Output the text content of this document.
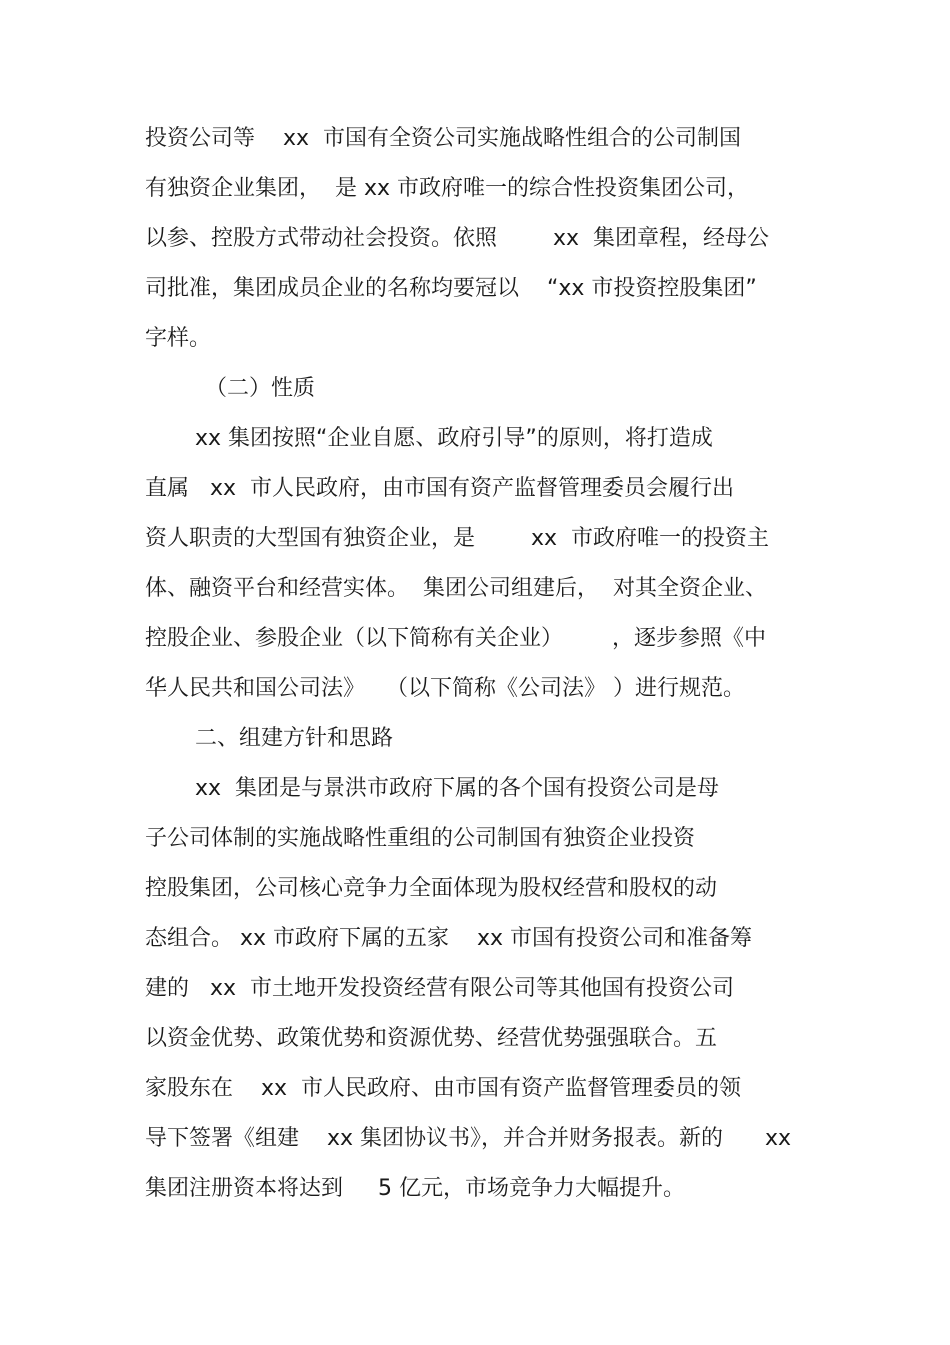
投资公司等    xx  市国有全资公司实施战略性组合的公司制国

有独资企业集团，  是 xx 市政府唯一的综合性投资集团公司，

以参、控股方式带动社会投资。依照        xx  集团章程，经母公

司批准，集团成员企业的名称均要冠以    “xx 市投资控股集团”

字样。

（二）性质

xx 集团按照“企业自愿、政府引导”的原则，将打造成

直属   xx  市人民政府，由市国有资产监督管理委员会履行出

资人职责的大型国有独资企业，是        xx  市政府唯一的投资主

体、融资平台和经营实体。  集团公司组建后，  对其全资企业、

控股企业、参股企业（以下简称有关企业）       ，逐步参照《中

华人民共和国公司法》   （以下简称《公司法》 ）进行规范。

二、组建方针和思路

xx  集团是与景洪市政府下属的各个国有投资公司是母

子公司体制的实施战略性重组的公司制国有独资企业投资

控股集团，公司核心竞争力全面体现为股权经营和股权的动

态组合。 xx 市政府下属的五家    xx 市国有投资公司和准备筹

建的   xx  市土地开发投资经营有限公司等其他国有投资公司

以资金优势、政策优势和资源优势、经营优势强强联合。五

家股东在    xx  市人民政府、由市国有资产监督管理委员的领

导下签署《组建    xx 集团协议书》，并合并财务报表。新的      xx

集团注册资本将达到     5 亿元，市场竞争力大幅提升。
